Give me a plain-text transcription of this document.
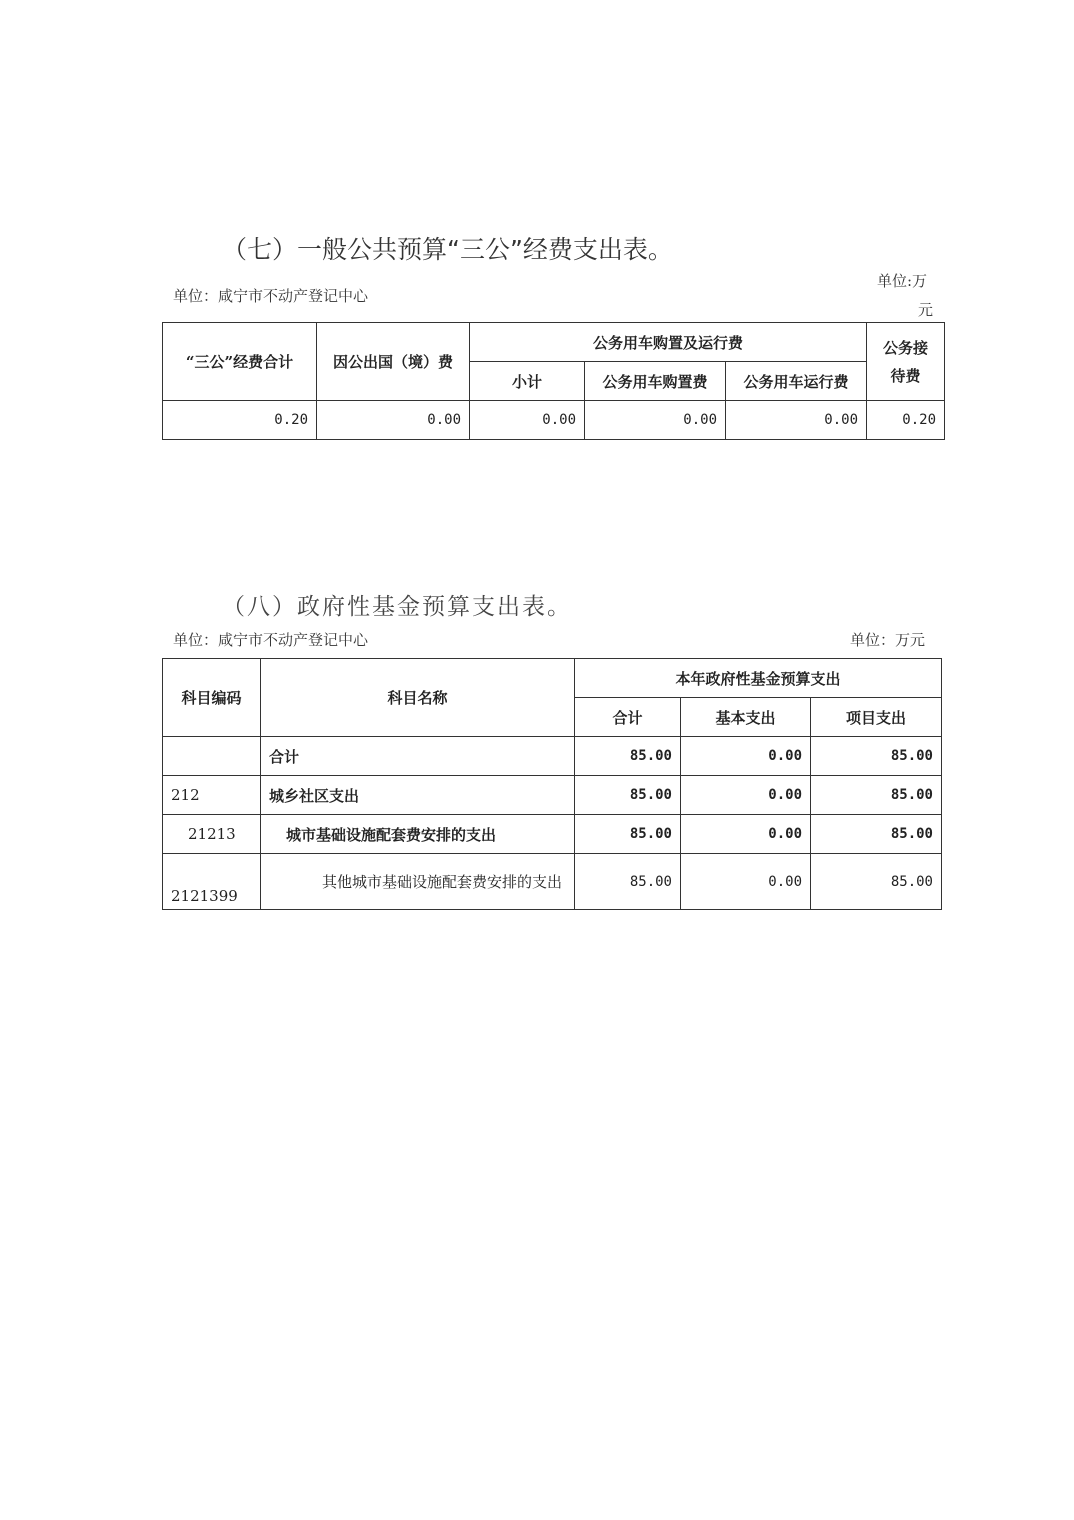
（七）一般公共预算“三公”经费支出表。
单位：咸宁市不动产登记中心
单位:万
元
“三公”经费合计	因公出国（境）费	公务用车购置及运行费			公务接待费
		小计	公务用车购置费	公务用车运行费	
0.20	0.00	0.00	0.00	0.00	0.20
（八）政府性基金预算支出表。
单位：咸宁市不动产登记中心	单位：万元
科目编码	科目名称	本年政府性基金预算支出		
		合计	基本支出	项目支出
	合计	85.00	0.00	85.00
212	城乡社区支出	85.00	0.00	85.00
21213	城市基础设施配套费安排的支出	85.00	0.00	85.00
2121399	其他城市基础设施配套费安排的支出	85.00	0.00	85.00
